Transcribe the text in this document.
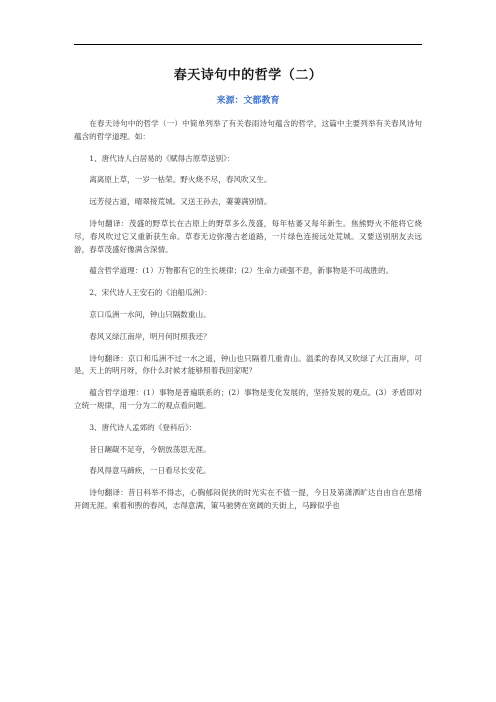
春天诗句中的哲学（二）
来源：文都教育

在春天诗句中的哲学（一）中简单列举了有关春雨诗句蕴含的哲学，这篇中主要列举有关春风诗句蕴含的哲学道理。如：

1、唐代诗人白居易的《赋得古原草送别》：

离离原上草，一岁一枯荣。野火烧不尽，春风吹又生。

远芳侵古道，晴翠接荒城。又送王孙去，萋萋满别情。

诗句翻译：茂盛的野草长在古原上的野草多么茂盛，每年枯萎又每年新生。焦熊野火不能将它烧尽，春风吹过它又重新获生命。草春无边弥漫古老道路，一片绿色连接远处荒城。又要送别朋友去远游，春草茂盛好像满含深情。

蕴含哲学道理：(1）万物都有它的生长规律；(2）生命力顽强不息，新事物是不可战胜的。

2、宋代诗人王安石的《泊船瓜洲》：

京口瓜洲一水间，钟山只隔数重山。

春风又绿江南岸，明月何时照我还？

诗句翻译：京口和瓜洲不过一水之遥，钟山也只隔着几重青山。温柔的春风又吹绿了大江南岸，可是，天上的明月呀，你什么时候才能够照着我回家呢？

蕴含哲学道理：(1）事物是普遍联系的；(2）事物是变化发展的，坚持发展的观点。(3）矛盾即对立统一规律，用一分为二的观点看问题。

3、唐代诗人孟郊的《登科后》：

昔日龌龊不足夸，今朝放荡思无涯。

春风得意马蹄疾，一日看尽长安花。

诗句翻译：昔日科举不得志，心胸郁闷促狭的时光实在不值一提，今日及第潇洒旷达自由自在思绪开阔无涯。乘着和煦的春风，志得意满，策马驰骋在宽阔的天街上，马蹄似乎也
